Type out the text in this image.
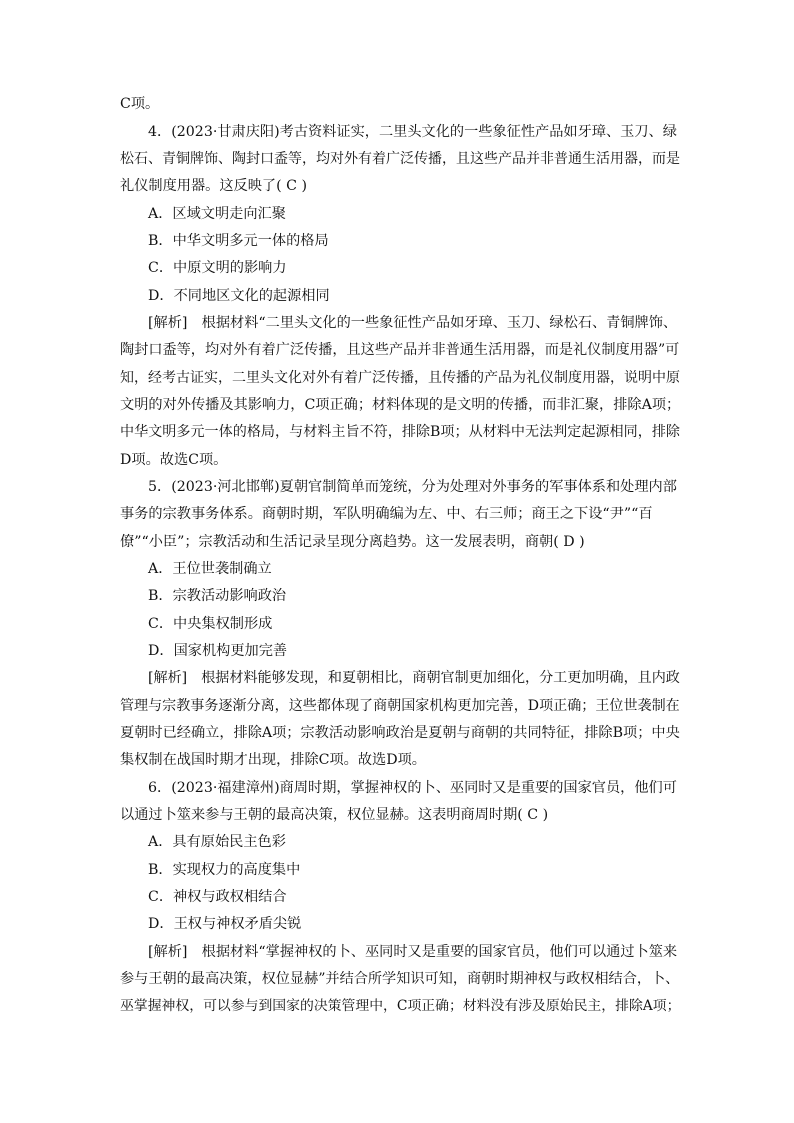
C项。
4．(2023·甘肃庆阳)考古资料证实，二里头文化的一些象征性产品如牙璋、玉刀、绿
松石、青铜牌饰、陶封口盉等，均对外有着广泛传播，且这些产品并非普通生活用器，而是
礼仪制度用器。这反映了( C )
A．区域文明走向汇聚
B．中华文明多元一体的格局
C．中原文明的影响力
D．不同地区文化的起源相同
[解析]　根据材料“二里头文化的一些象征性产品如牙璋、玉刀、绿松石、青铜牌饰、
陶封口盉等，均对外有着广泛传播，且这些产品并非普通生活用器，而是礼仪制度用器”可
知，经考古证实，二里头文化对外有着广泛传播，且传播的产品为礼仪制度用器，说明中原
文明的对外传播及其影响力，C项正确；材料体现的是文明的传播，而非汇聚，排除A项；
中华文明多元一体的格局，与材料主旨不符，排除B项；从材料中无法判定起源相同，排除
D项。故选C项。
5．(2023·河北邯郸)夏朝官制简单而笼统，分为处理对外事务的军事体系和处理内部
事务的宗教事务体系。商朝时期，军队明确编为左、中、右三师；商王之下设“尹”“百
僚”“小臣”；宗教活动和生活记录呈现分离趋势。这一发展表明，商朝( D )
A．王位世袭制确立
B．宗教活动影响政治
C．中央集权制形成
D．国家机构更加完善
[解析]　根据材料能够发现，和夏朝相比，商朝官制更加细化，分工更加明确，且内政
管理与宗教事务逐渐分离，这些都体现了商朝国家机构更加完善，D项正确；王位世袭制在
夏朝时已经确立，排除A项；宗教活动影响政治是夏朝与商朝的共同特征，排除B项；中央
集权制在战国时期才出现，排除C项。故选D项。
6．(2023·福建漳州)商周时期，掌握神权的卜、巫同时又是重要的国家官员，他们可
以通过卜筮来参与王朝的最高决策，权位显赫。这表明商周时期( C )
A．具有原始民主色彩
B．实现权力的高度集中
C．神权与政权相结合
D．王权与神权矛盾尖锐
[解析]　根据材料“掌握神权的卜、巫同时又是重要的国家官员，他们可以通过卜筮来
参与王朝的最高决策，权位显赫”并结合所学知识可知，商朝时期神权与政权相结合，卜、
巫掌握神权，可以参与到国家的决策管理中，C项正确；材料没有涉及原始民主，排除A项；
